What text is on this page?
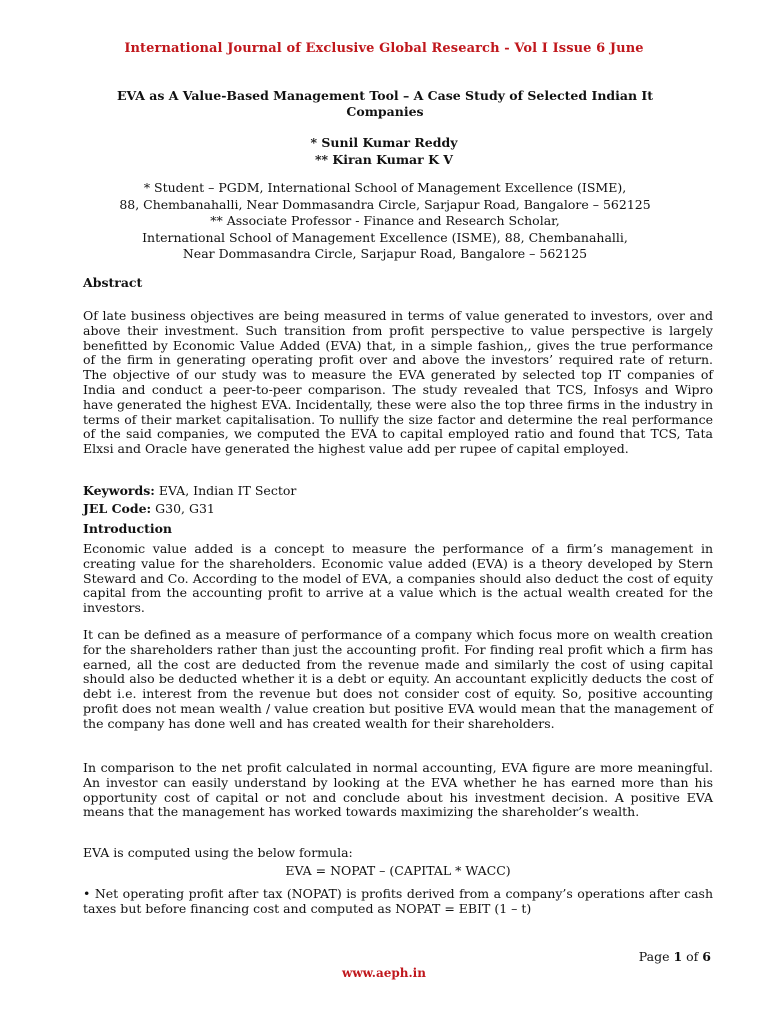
International Journal of Exclusive Global Research - Vol I Issue 6 June
EVA as A Value-Based Management Tool – A Case Study of Selected Indian It Companies
* Sunil Kumar Reddy
** Kiran Kumar K V
* Student – PGDM, International School of Management Excellence (ISME),
88, Chembanahalli, Near Dommasandra Circle, Sarjapur Road, Bangalore – 562125
** Associate Professor - Finance and Research Scholar,
International School of Management Excellence (ISME), 88, Chembanahalli,
Near Dommasandra Circle, Sarjapur Road, Bangalore – 562125
Abstract

Of late business objectives are being measured in terms of value generated to investors, over and above their investment. Such transition from profit perspective to value perspective is largely benefitted by Economic Value Added (EVA) that, in a simple fashion,, gives the true performance of the firm in generating operating profit over and above the investors’ required rate of return. The objective of our study was to measure the EVA generated by selected top IT companies of India and conduct a peer-to-peer comparison. The study revealed that TCS, Infosys and Wipro have generated the highest EVA. Incidentally, these were also the top three firms in the industry in terms of their market capitalisation. To nullify the size factor and determine the real performance of the said companies, we computed the EVA to capital employed ratio and found that TCS, Tata Elxsi and Oracle have generated the highest value add per rupee of capital employed.

Keywords: EVA, Indian IT Sector
JEL Code: G30, G31
Introduction

Economic value added is a concept to measure the performance of a firm’s management in creating value for the shareholders. Economic value added (EVA) is a theory developed by Stern Steward and Co. According to the model of EVA, a companies should also deduct the cost of equity capital from the accounting profit to arrive at a value which is the actual wealth created for the investors.

It can be defined as a measure of performance of a company which focus more on wealth creation for the shareholders rather than just the accounting profit. For finding real profit which a firm has earned, all the cost are deducted from the revenue made and similarly the cost of using capital should also be deducted whether it is a debt or equity. An accountant explicitly deducts the cost of debt i.e. interest from the revenue but does not consider cost of equity. So, positive accounting profit does not mean wealth / value creation but positive EVA would mean that the management of the company has done well and has created wealth for their shareholders.

In comparison to the net profit calculated in normal accounting, EVA figure are more meaningful. An investor can easily understand by looking at the EVA whether he has earned more than his opportunity cost of capital or not and conclude about his investment decision. A positive EVA means that the management has worked towards maximizing the shareholder’s wealth.

EVA is computed using the below formula:

EVA = NOPAT – (CAPITAL * WACC)

• Net operating profit after tax (NOPAT) is profits derived from a company’s operations after cash taxes but before financing cost and computed as NOPAT = EBIT (1 – t)

Page 1 of 6
www.aeph.in
